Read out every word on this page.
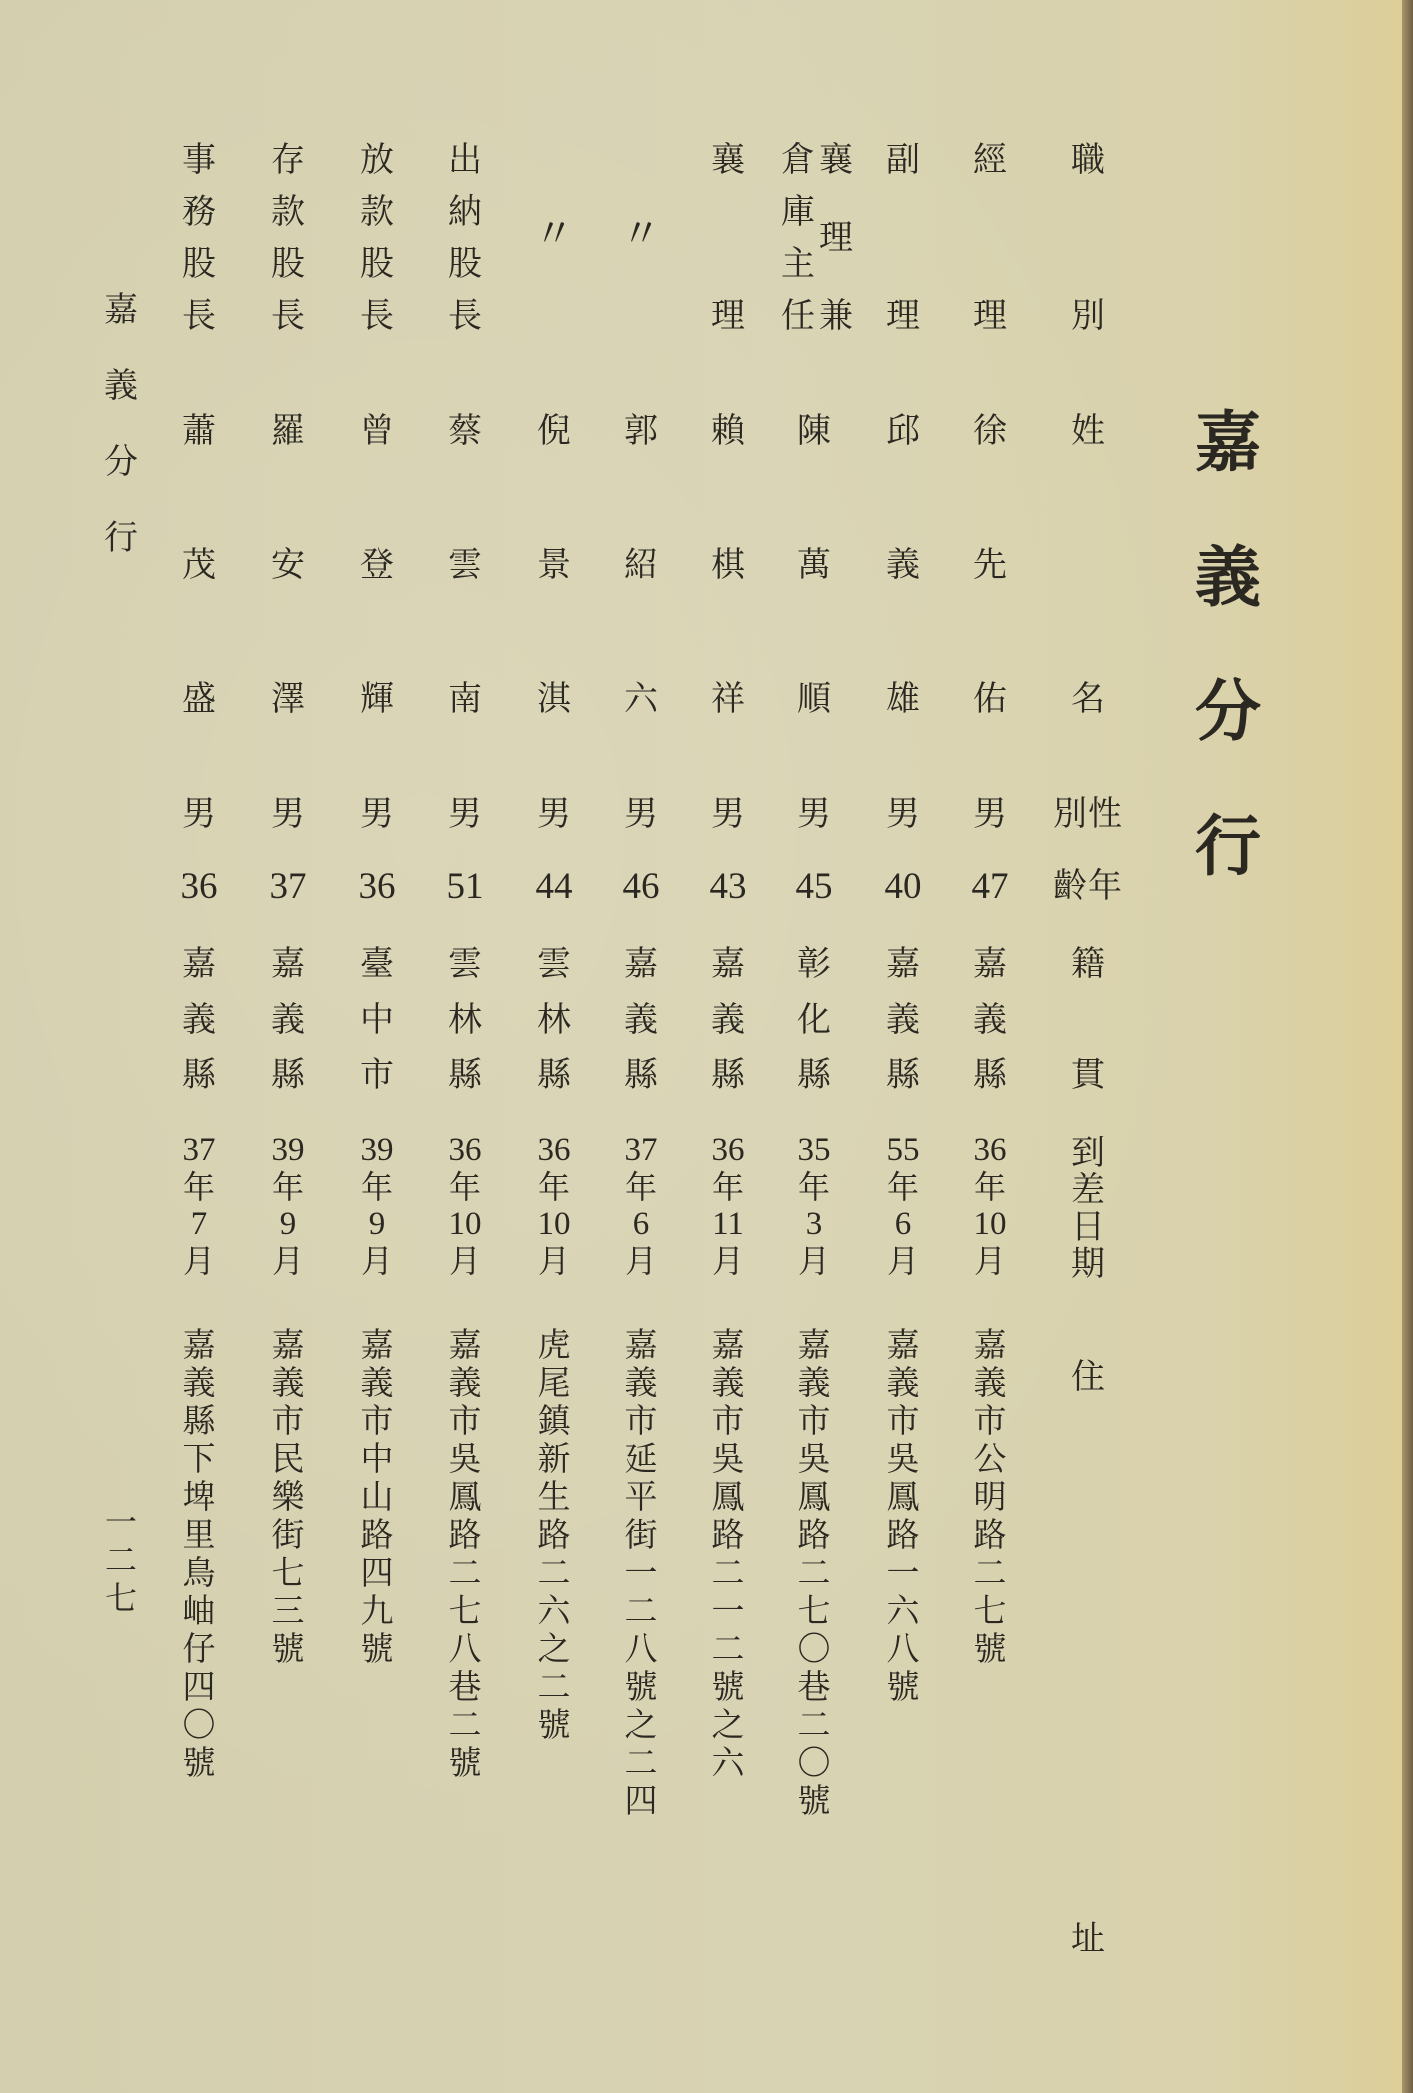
嘉
義
分
行
職
別
姓
名
性別
年齡
籍
貫
到
差
日
期
住
址
經
理
徐
先
佑
男
47
嘉
義
縣
36
年
10
月
嘉
義
市
公
明
路
二
七
號
副
理
邱
義
雄
男
40
嘉
義
縣
55
年
6
月
嘉
義
市
吳
鳳
路
一
六
八
號
襄
理
兼
倉
庫
主
任
陳
萬
順
男
45
彰
化
縣
35
年
3
月
嘉
義
市
吳
鳳
路
二
七
〇
巷
二
〇
號
襄
理
賴
棋
祥
男
43
嘉
義
縣
36
年
11
月
嘉
義
市
吳
鳳
路
二
一
二
號
之
六
〃
郭
紹
六
男
46
嘉
義
縣
37
年
6
月
嘉
義
市
延
平
街
一
二
八
號
之
二
四
〃
倪
景
淇
男
44
雲
林
縣
36
年
10
月
虎
尾
鎮
新
生
路
二
六
之
二
號
出
納
股
長
蔡
雲
南
男
51
雲
林
縣
36
年
10
月
嘉
義
市
吳
鳳
路
二
七
八
巷
二
號
放
款
股
長
曾
登
輝
男
36
臺
中
市
39
年
9
月
嘉
義
市
中
山
路
四
九
號
存
款
股
長
羅
安
澤
男
37
嘉
義
縣
39
年
9
月
嘉
義
市
民
樂
街
七
三
號
事
務
股
長
蕭
茂
盛
男
36
嘉
義
縣
37
年
7
月
嘉
義
縣
下
埤
里
鳥
岫
仔
四
〇
號
嘉
義
分
行
一
二
七
